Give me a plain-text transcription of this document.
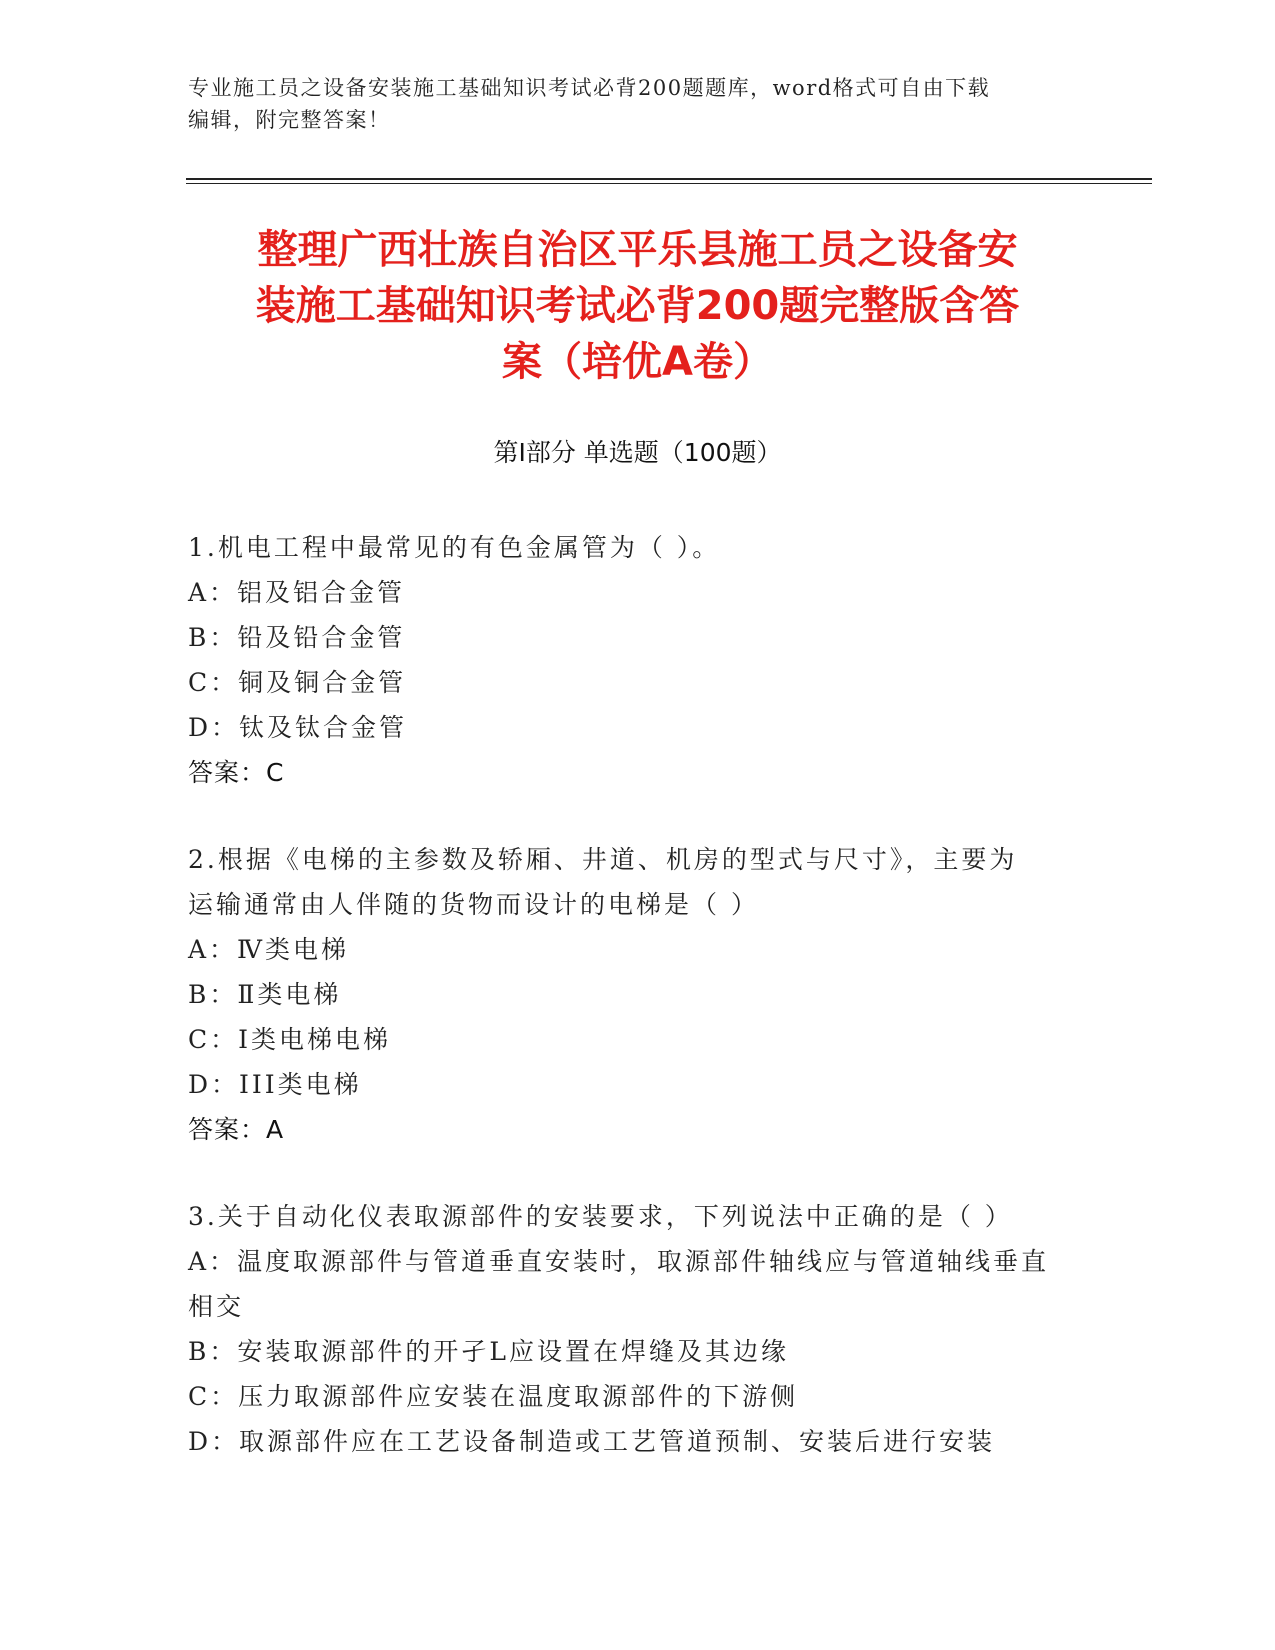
专业施工员之设备安装施工基础知识考试必背200题题库，word格式可自由下载
编辑，附完整答案！
整理广西壮族自治区平乐县施工员之设备安
装施工基础知识考试必背200题完整版含答
案（培优A卷）
第I部分 单选题（100题）
1.机电工程中最常见的有色金属管为（ ）。
A：铝及铝合金管
B：铅及铅合金管
C：铜及铜合金管
D：钛及钛合金管
答案：C
2.根据《电梯的主参数及轿厢、井道、机房的型式与尺寸》，主要为
运输通常由人伴随的货物而设计的电梯是（ ）
A：Ⅳ类电梯
B：Ⅱ类电梯
C：Ⅰ类电梯电梯
D：III类电梯
答案：A
3.关于自动化仪表取源部件的安装要求，下列说法中正确的是（ ）
A：温度取源部件与管道垂直安装时，取源部件轴线应与管道轴线垂直
相交
B：安装取源部件的开孑L应设置在焊缝及其边缘
C：压力取源部件应安装在温度取源部件的下游侧
D：取源部件应在工艺设备制造或工艺管道预制、安装后进行安装
